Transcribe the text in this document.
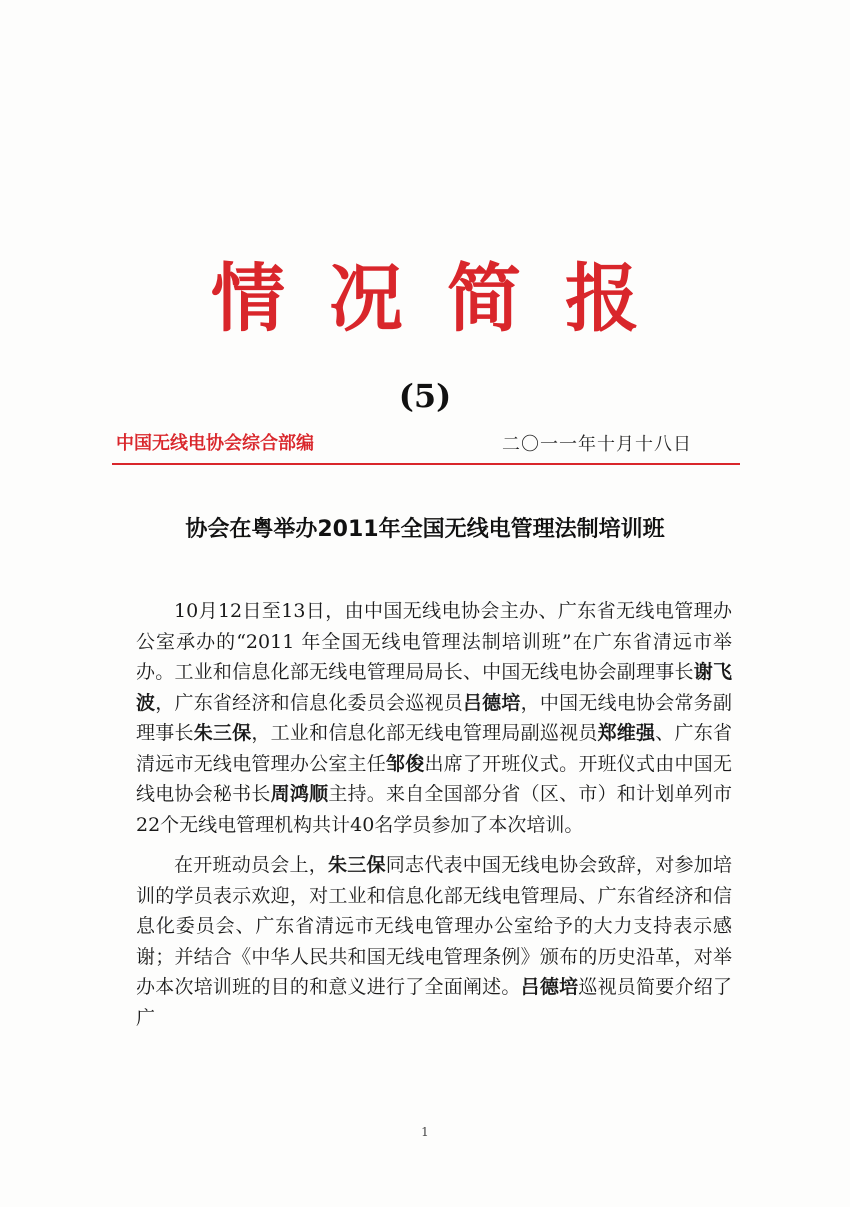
情况简报
(5)
中国无线电协会综合部编	二〇一一年十月十八日
协会在粤举办2011年全国无线电管理法制培训班

10月12日至13日，由中国无线电协会主办、广东省无线电管理办公室承办的“2011 年全国无线电管理法制培训班”在广东省清远市举办。工业和信息化部无线电管理局局长、中国无线电协会副理事长谢飞波，广东省经济和信息化委员会巡视员吕德培，中国无线电协会常务副理事长朱三保，工业和信息化部无线电管理局副巡视员郑维强、广东省清远市无线电管理办公室主任邹俊出席了开班仪式。开班仪式由中国无线电协会秘书长周鸿顺主持。来自全国部分省（区、市）和计划单列市22个无线电管理机构共计40名学员参加了本次培训。

在开班动员会上，朱三保同志代表中国无线电协会致辞，对参加培训的学员表示欢迎，对工业和信息化部无线电管理局、广东省经济和信息化委员会、广东省清远市无线电管理办公室给予的大力支持表示感谢；并结合《中华人民共和国无线电管理条例》颁布的历史沿革，对举办本次培训班的目的和意义进行了全面阐述。吕德培巡视员简要介绍了广

1
